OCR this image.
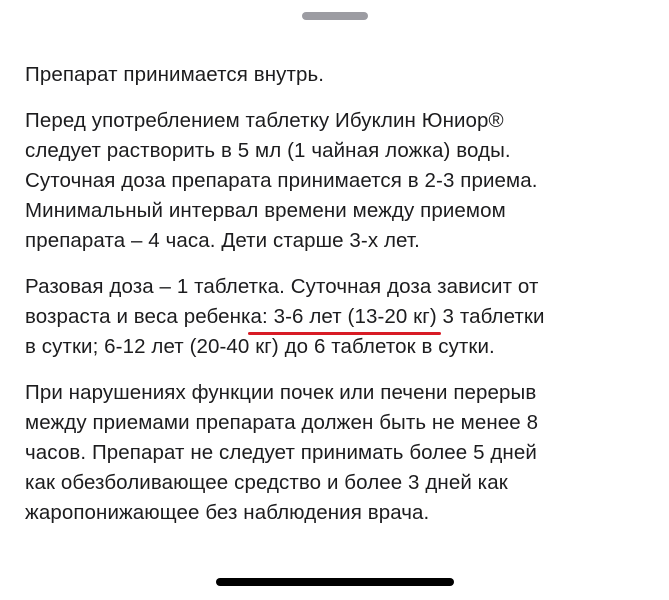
Препарат принимается внутрь.

Перед употреблением таблетку Ибуклин Юниор®
следует растворить в 5 мл (1 чайная ложка) воды.
Суточная доза препарата принимается в 2-3 приема.
Минимальный интервал времени между приемом
препарата – 4 часа. Дети старше 3-х лет.

Разовая доза – 1 таблетка. Суточная доза зависит от
возраста и веса ребенка: 3-6 лет (13-20 кг) 3 таблетки
в сутки; 6-12 лет (20-40 кг) до 6 таблеток в сутки.

При нарушениях функции почек или печени перерыв
между приемами препарата должен быть не менее 8
часов. Препарат не следует принимать более 5 дней
как обезболивающее средство и более 3 дней как
жаропонижающее без наблюдения врача.
